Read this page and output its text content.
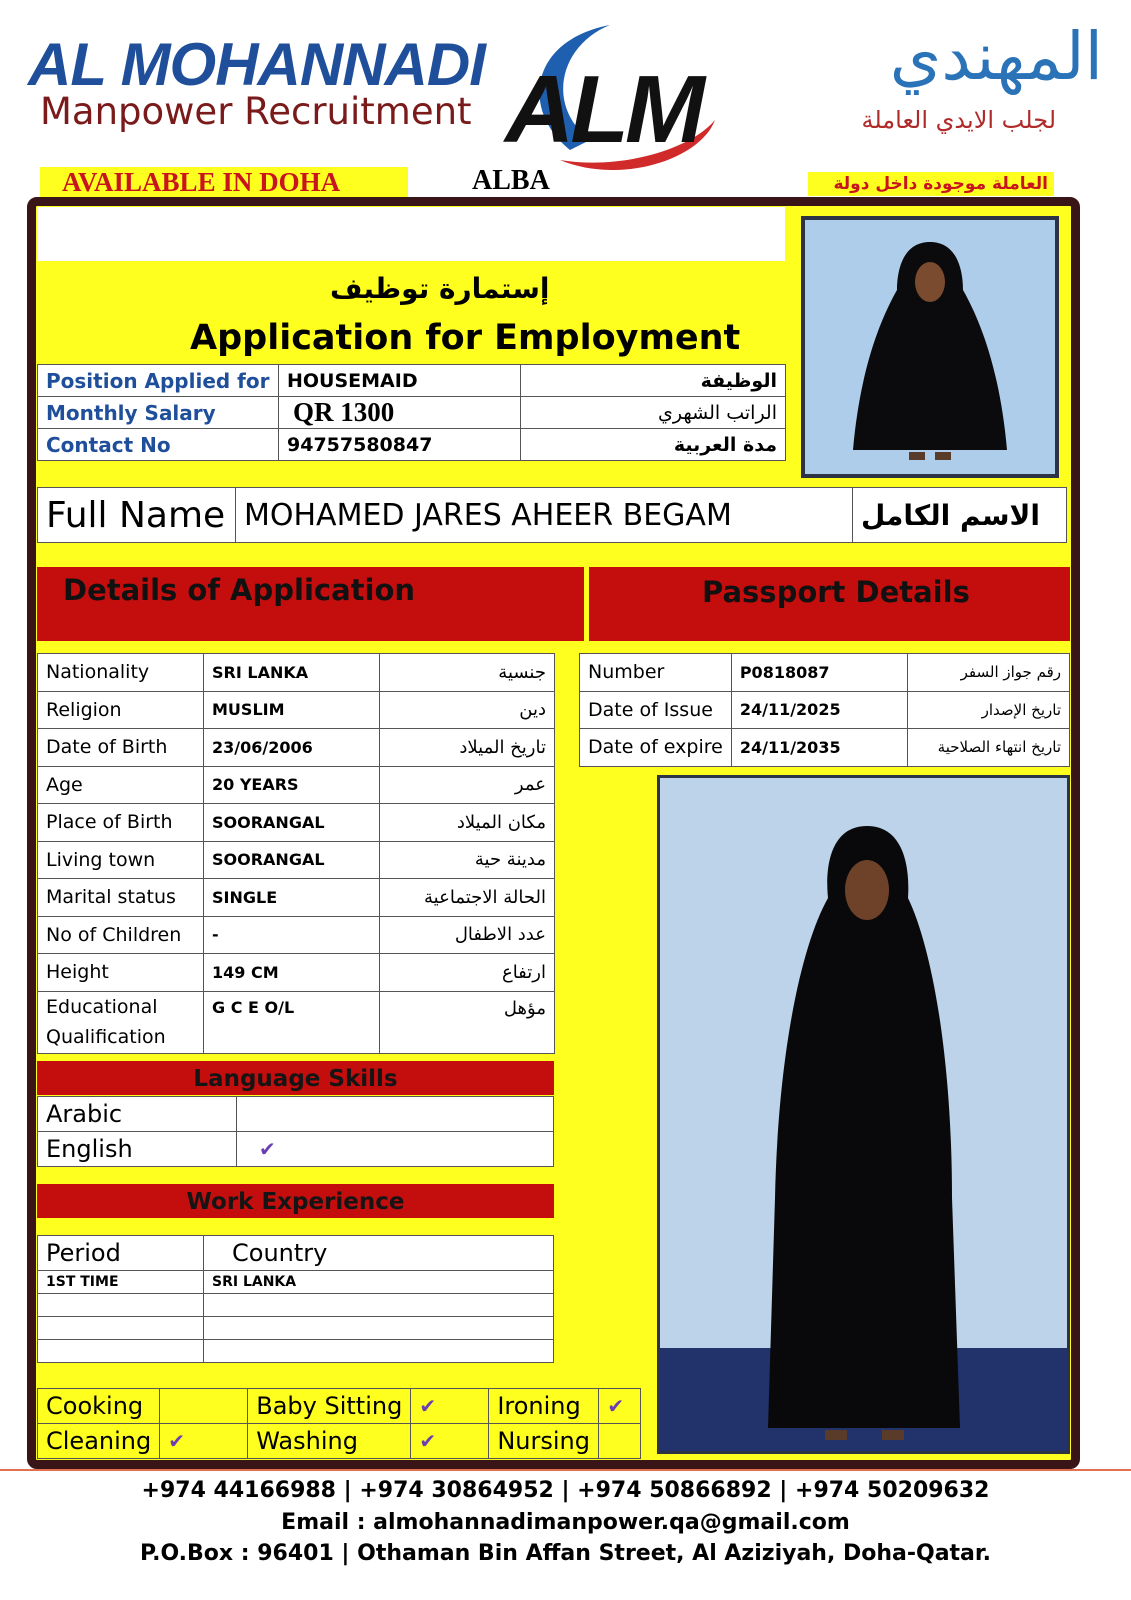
AL MOHANNADI
Manpower Recruitment ALM	المهندي
لجلب الايدي العاملة
AVAILABLE IN DOHA	ALBA	العاملة موجودة داخل دولة
إستمارة توظيف
Application for Employment
Position Applied for	HOUSEMAID	الوظيفة
Monthly Salary	QR 1300	الراتب الشهري
Contact No	94757580847	مدة العربية
Full Name	MOHAMED JARES AHEER BEGAM	الاسم الكامل
Details of Application	Passport Details
Nationality	SRI LANKA	جنسية
Religion	MUSLIM	دين
Date of Birth	23/06/2006	تاريخ الميلاد
Age	20 YEARS	عمر
Place of Birth	SOORANGAL	مكان الميلاد
Living town	SOORANGAL	مدينة حية
Marital status	SINGLE	الحالة الاجتماعية
No of Children	-	عدد الاطفال
Height	149 CM	ارتفاع
Educational Qualification	G C E O/L	مؤهل
Number	P0818087	رقم جواز السفر
Date of Issue	24/11/2025	تاريخ الإصدار
Date of expire	24/11/2035	تاريخ انتهاء الصلاحية
Language Skills
Arabic	
English	✔
Work Experience
Period	Country
1ST TIME	SRI LANKA

Cooking		Baby Sitting	✔	Ironing	✔
Cleaning	✔	Washing	✔	Nursing	
+974 44166988 | +974 30864952 | +974 50866892 | +974 50209632
Email : almohannadimanpower.qa@gmail.com
P.O.Box : 96401 | Othaman Bin Affan Street, Al Aziziyah, Doha-Qatar.
